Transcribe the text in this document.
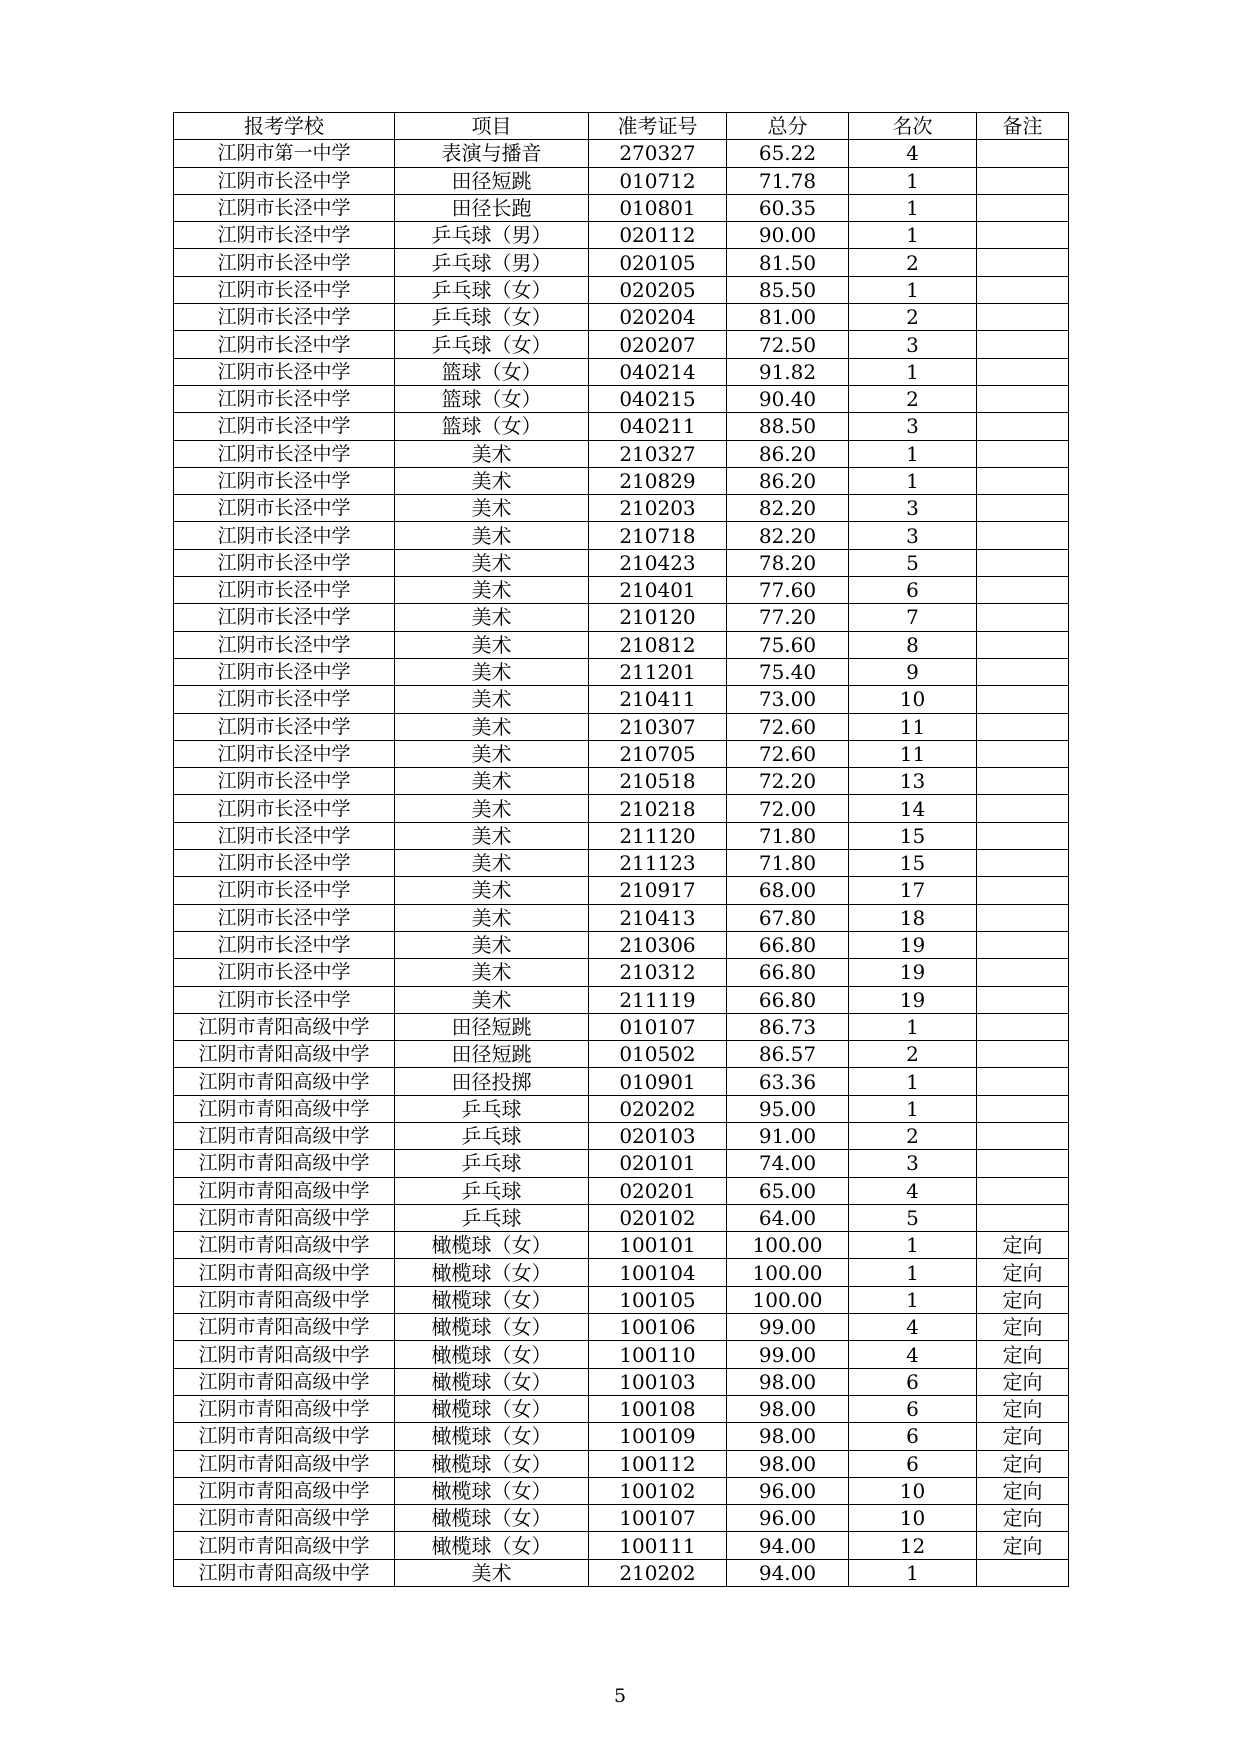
报考学校	项目	准考证号	总分	名次	备注
江阴市第一中学	表演与播音	270327	65.22	4	
江阴市长泾中学	田径短跳	010712	71.78	1	
江阴市长泾中学	田径长跑	010801	60.35	1	
江阴市长泾中学	乒乓球（男）	020112	90.00	1	
江阴市长泾中学	乒乓球（男）	020105	81.50	2	
江阴市长泾中学	乒乓球（女）	020205	85.50	1	
江阴市长泾中学	乒乓球（女）	020204	81.00	2	
江阴市长泾中学	乒乓球（女）	020207	72.50	3	
江阴市长泾中学	篮球（女）	040214	91.82	1	
江阴市长泾中学	篮球（女）	040215	90.40	2	
江阴市长泾中学	篮球（女）	040211	88.50	3	
江阴市长泾中学	美术	210327	86.20	1	
江阴市长泾中学	美术	210829	86.20	1	
江阴市长泾中学	美术	210203	82.20	3	
江阴市长泾中学	美术	210718	82.20	3	
江阴市长泾中学	美术	210423	78.20	5	
江阴市长泾中学	美术	210401	77.60	6	
江阴市长泾中学	美术	210120	77.20	7	
江阴市长泾中学	美术	210812	75.60	8	
江阴市长泾中学	美术	211201	75.40	9	
江阴市长泾中学	美术	210411	73.00	10	
江阴市长泾中学	美术	210307	72.60	11	
江阴市长泾中学	美术	210705	72.60	11	
江阴市长泾中学	美术	210518	72.20	13	
江阴市长泾中学	美术	210218	72.00	14	
江阴市长泾中学	美术	211120	71.80	15	
江阴市长泾中学	美术	211123	71.80	15	
江阴市长泾中学	美术	210917	68.00	17	
江阴市长泾中学	美术	210413	67.80	18	
江阴市长泾中学	美术	210306	66.80	19	
江阴市长泾中学	美术	210312	66.80	19	
江阴市长泾中学	美术	211119	66.80	19	
江阴市青阳高级中学	田径短跳	010107	86.73	1	
江阴市青阳高级中学	田径短跳	010502	86.57	2	
江阴市青阳高级中学	田径投掷	010901	63.36	1	
江阴市青阳高级中学	乒乓球	020202	95.00	1	
江阴市青阳高级中学	乒乓球	020103	91.00	2	
江阴市青阳高级中学	乒乓球	020101	74.00	3	
江阴市青阳高级中学	乒乓球	020201	65.00	4	
江阴市青阳高级中学	乒乓球	020102	64.00	5	
江阴市青阳高级中学	橄榄球（女）	100101	100.00	1	定向
江阴市青阳高级中学	橄榄球（女）	100104	100.00	1	定向
江阴市青阳高级中学	橄榄球（女）	100105	100.00	1	定向
江阴市青阳高级中学	橄榄球（女）	100106	99.00	4	定向
江阴市青阳高级中学	橄榄球（女）	100110	99.00	4	定向
江阴市青阳高级中学	橄榄球（女）	100103	98.00	6	定向
江阴市青阳高级中学	橄榄球（女）	100108	98.00	6	定向
江阴市青阳高级中学	橄榄球（女）	100109	98.00	6	定向
江阴市青阳高级中学	橄榄球（女）	100112	98.00	6	定向
江阴市青阳高级中学	橄榄球（女）	100102	96.00	10	定向
江阴市青阳高级中学	橄榄球（女）	100107	96.00	10	定向
江阴市青阳高级中学	橄榄球（女）	100111	94.00	12	定向
江阴市青阳高级中学	美术	210202	94.00	1	
5
